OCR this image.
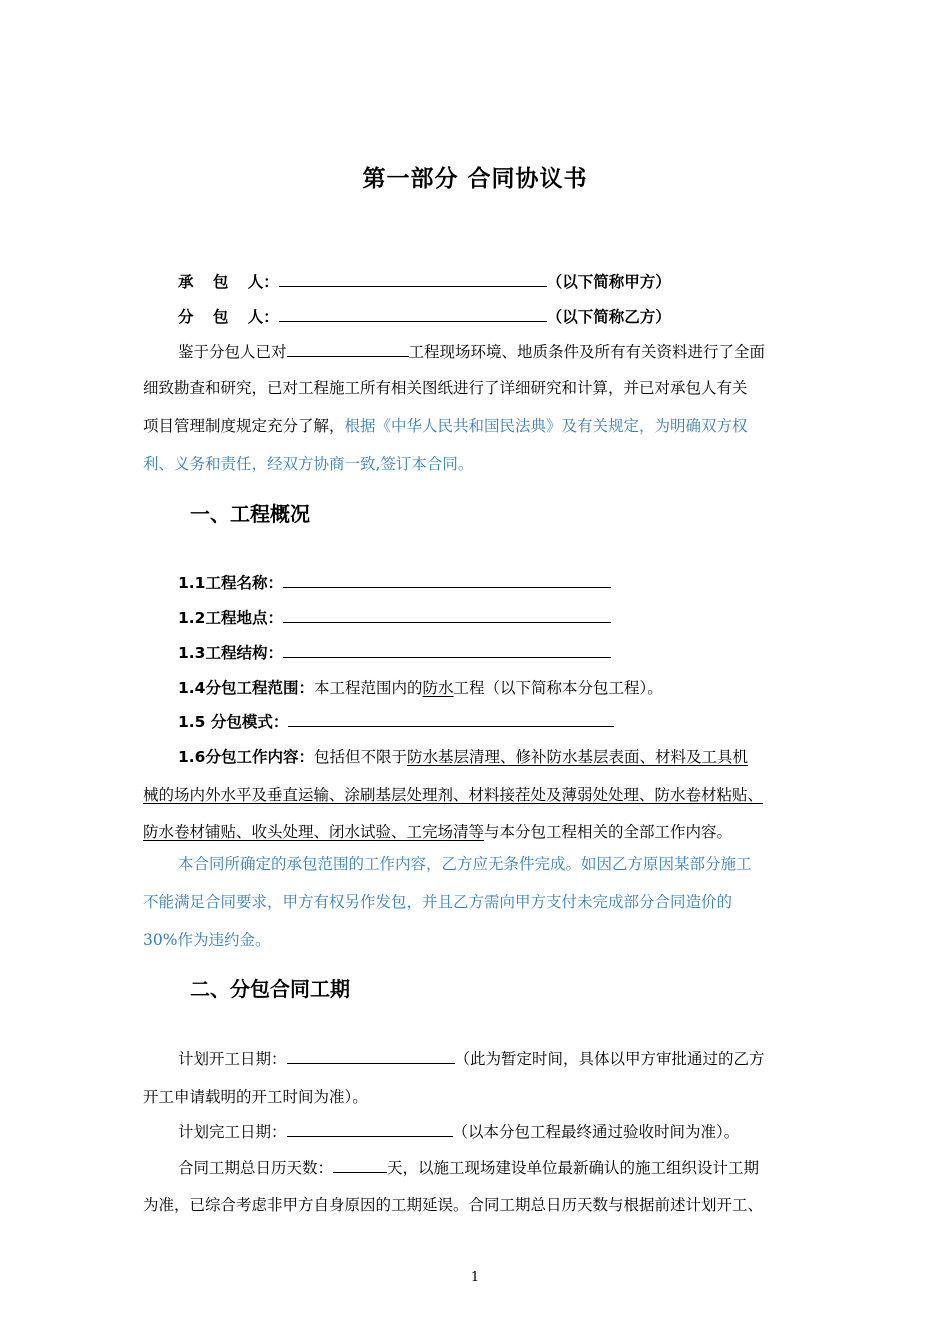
第一部分 合同协议书
承 包 人：	（以下简称甲方）
分 包 人：	（以下简称乙方）
鉴于分包人已对	工程现场环境、地质条件及所有有关资料进行了全面
细致勘查和研究，已对工程施工所有相关图纸进行了详细研究和计算，并已对承包人有关
项目管理制度规定充分了解，根据《中华人民共和国民法典》及有关规定，为明确双方权
利、义务和责任，经双方协商一致,签订本合同。
一、工程概况
1.1工程名称：
1.2工程地点：
1.3工程结构：
1.4分包工程范围：本工程范围内的防水工程（以下简称本分包工程）。
1.5 分包模式：
1.6分包工作内容：包括但不限于防水基层清理、修补防水基层表面、材料及工具机
械的场内外水平及垂直运输、涂刷基层处理剂、材料接茬处及薄弱处处理、防水卷材粘贴、
防水卷材铺贴、收头处理、闭水试验、工完场清等与本分包工程相关的全部工作内容。
本合同所确定的承包范围的工作内容，乙方应无条件完成。如因乙方原因某部分施工
不能满足合同要求，甲方有权另作发包，并且乙方需向甲方支付未完成部分合同造价的
30%作为违约金。
二、分包合同工期
计划开工日期：	（此为暂定时间，具体以甲方审批通过的乙方
开工申请载明的开工时间为准）。
计划完工日期：	（以本分包工程最终通过验收时间为准）。
合同工期总日历天数：	天，以施工现场建设单位最新确认的施工组织设计工期
为准，已综合考虑非甲方自身原因的工期延误。合同工期总日历天数与根据前述计划开工、
1
